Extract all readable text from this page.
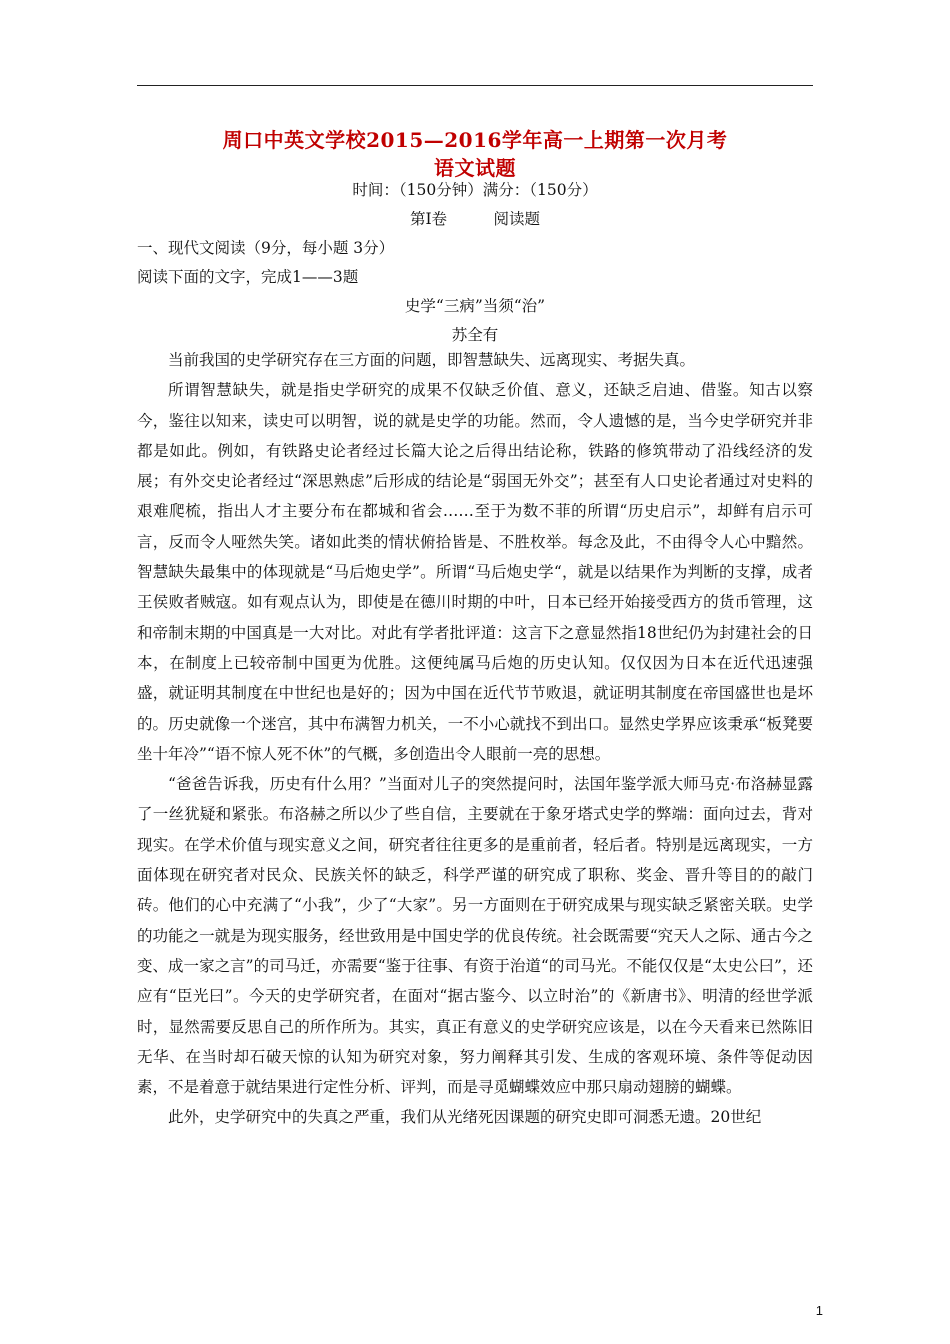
周口中英文学校2015—2016学年高一上期第一次月考
语文试题
时间：（150分钟）满分：（150分）
第Ⅰ卷　　　阅读题
一、现代文阅读（9分，每小题 3分）
阅读下面的文字，完成1——3题
史学“三病”当须“治”
苏全有

当前我国的史学研究存在三方面的问题，即智慧缺失、远离现实、考据失真。

所谓智慧缺失，就是指史学研究的成果不仅缺乏价值、意义，还缺乏启迪、借鉴。知古以察今，鉴往以知来，读史可以明智，说的就是史学的功能。然而，令人遗憾的是，当今史学研究并非都是如此。例如，有铁路史论者经过长篇大论之后得出结论称，铁路的修筑带动了沿线经济的发展；有外交史论者经过“深思熟虑”后形成的结论是“弱国无外交”；甚至有人口史论者通过对史料的艰难爬梳，指出人才主要分布在都城和省会……至于为数不菲的所谓“历史启示”，却鲜有启示可言，反而令人哑然失笑。诸如此类的情状俯拾皆是、不胜枚举。每念及此，不由得令人心中黯然。智慧缺失最集中的体现就是“马后炮史学”。所谓“马后炮史学“，就是以结果作为判断的支撑，成者王侯败者贼寇。如有观点认为，即使是在德川时期的中叶，日本已经开始接受西方的货币管理，这和帝制末期的中国真是一大对比。对此有学者批评道：这言下之意显然指18世纪仍为封建社会的日本，在制度上已较帝制中国更为优胜。这便纯属马后炮的历史认知。仅仅因为日本在近代迅速强盛，就证明其制度在中世纪也是好的；因为中国在近代节节败退，就证明其制度在帝国盛世也是坏的。历史就像一个迷宫，其中布满智力机关，一不小心就找不到出口。显然史学界应该秉承“板凳要坐十年冷”“语不惊人死不休”的气概，多创造出令人眼前一亮的思想。

“爸爸告诉我，历史有什么用？”当面对儿子的突然提问时，法国年鉴学派大师马克·布洛赫显露了一丝犹疑和紧张。布洛赫之所以少了些自信，主要就在于象牙塔式史学的弊端：面向过去，背对现实。在学术价值与现实意义之间，研究者往往更多的是重前者，轻后者。特别是远离现实，一方面体现在研究者对民众、民族关怀的缺乏，科学严谨的研究成了职称、奖金、晋升等目的的敲门砖。他们的心中充满了“小我”，少了“大家”。另一方面则在于研究成果与现实缺乏紧密关联。史学的功能之一就是为现实服务，经世致用是中国史学的优良传统。社会既需要“究天人之际、通古今之变、成一家之言”的司马迁，亦需要“鉴于往事、有资于治道“的司马光。不能仅仅是“太史公曰”，还应有“臣光曰”。今天的史学研究者，在面对“据古鉴今、以立时治”的《新唐书》、明清的经世学派时，显然需要反思自己的所作所为。其实，真正有意义的史学研究应该是，以在今天看来已然陈旧无华、在当时却石破天惊的认知为研究对象，努力阐释其引发、生成的客观环境、条件等促动因素，不是着意于就结果进行定性分析、评判，而是寻觅蝴蝶效应中那只扇动翅膀的蝴蝶。

此外，史学研究中的失真之严重，我们从光绪死因课题的研究史即可洞悉无遗。20世纪

1
